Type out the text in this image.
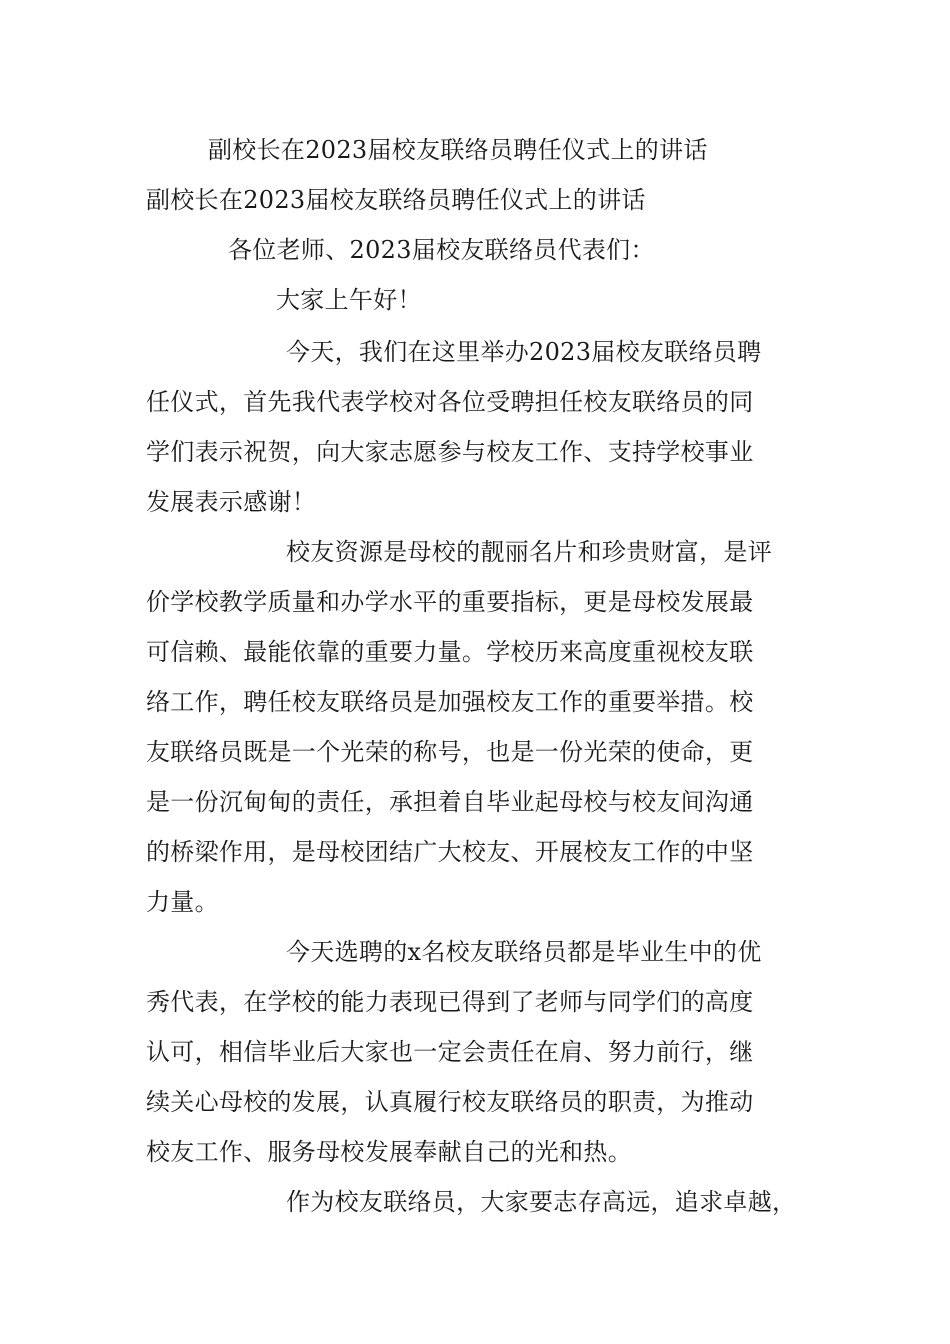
副校长在2023届校友联络员聘任仪式上的讲话
副校长在2023届校友联络员聘任仪式上的讲话
各位老师、2023届校友联络员代表们：
大家上午好！
今天，我们在这里举办2023届校友联络员聘
任仪式，首先我代表学校对各位受聘担任校友联络员的同
学们表示祝贺，向大家志愿参与校友工作、支持学校事业
发展表示感谢！
校友资源是母校的靓丽名片和珍贵财富，是评
价学校教学质量和办学水平的重要指标，更是母校发展最
可信赖、最能依靠的重要力量。学校历来高度重视校友联
络工作，聘任校友联络员是加强校友工作的重要举措。校
友联络员既是一个光荣的称号，也是一份光荣的使命，更
是一份沉甸甸的责任，承担着自毕业起母校与校友间沟通
的桥梁作用，是母校团结广大校友、开展校友工作的中坚
力量。
今天选聘的x名校友联络员都是毕业生中的优
秀代表，在学校的能力表现已得到了老师与同学们的高度
认可，相信毕业后大家也一定会责任在肩、努力前行，继
续关心母校的发展，认真履行校友联络员的职责，为推动
校友工作、服务母校发展奉献自己的光和热。
作为校友联络员，大家要志存高远，追求卓越，
